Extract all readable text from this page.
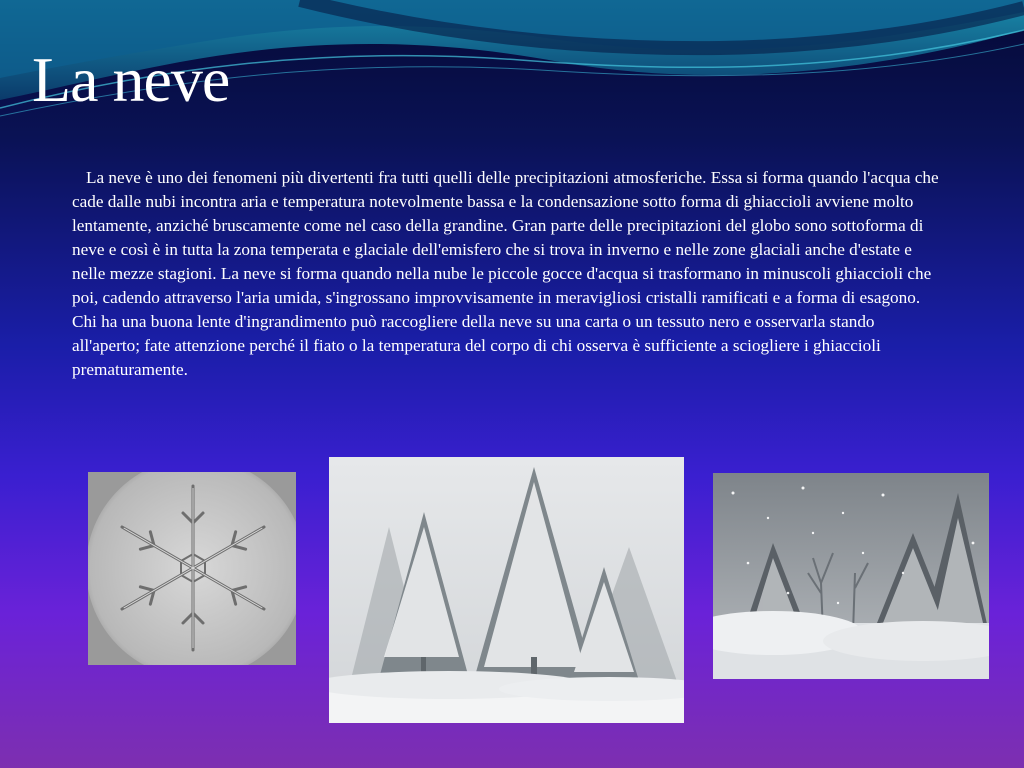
La neve

La neve è uno dei fenomeni più divertenti fra tutti quelli delle precipitazioni atmosferiche. Essa si forma quando l'acqua che cade dalle nubi incontra aria e temperatura notevolmente bassa e la condensazione sotto forma di ghiaccioli avviene molto lentamente, anziché bruscamente come nel caso della grandine. Gran parte delle precipitazioni del globo sono sottoforma di neve e così è in tutta la zona temperata e glaciale dell'emisfero che si trova in inverno e nelle zone glaciali anche d'estate e nelle mezze stagioni. La neve si forma quando nella nube le piccole gocce d'acqua si trasformano in minuscoli ghiaccioli che poi, cadendo attraverso l'aria umida, s'ingrossano improvvisamente in meravigliosi cristalli ramificati e a forma di esagono. Chi ha una buona lente d'ingrandimento può raccogliere della neve su una carta o un tessuto nero e osservarla stando all'aperto; fate attenzione perché il fiato o la temperatura del corpo di chi osserva è sufficiente a sciogliere i ghiaccioli prematuramente.
